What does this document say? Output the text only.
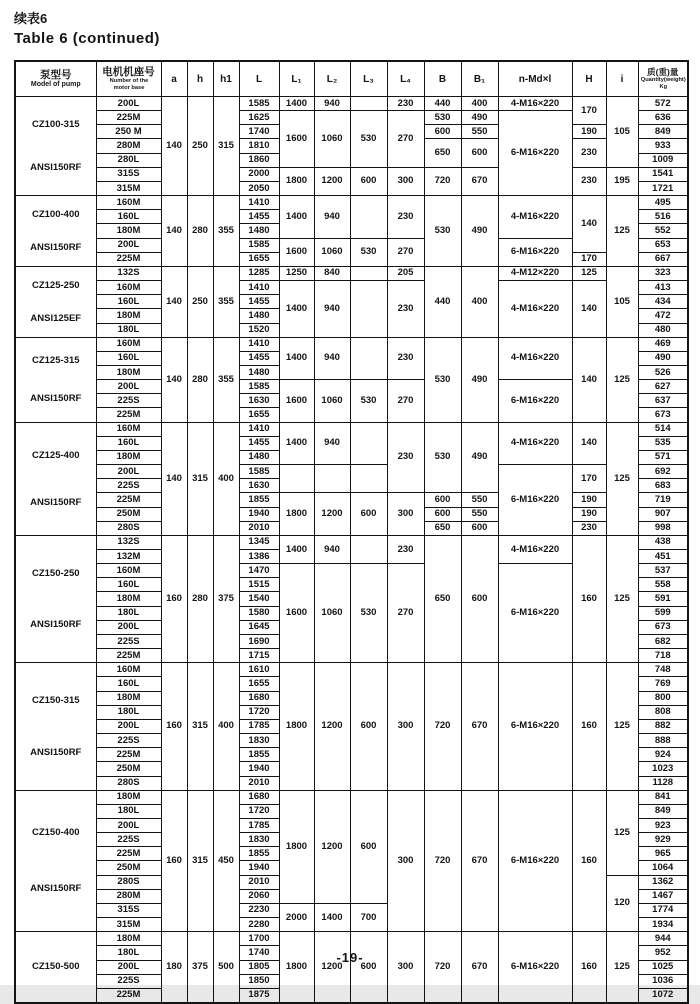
续表6
Table 6 (continued)
泵型号
Model of pump

电机机座号
Number of the
motor base
	a	h	h1	L	L₁	L₂	L₃	L₄	B	B₁	n-Md×l	H	i	
质(重)量
Quantity(weight)
Kg

CZ100-315
ANSI150RF	200L	140	250	315	1585	1400	940		230	440	400	4-M16×220	170	105	572
	225M				1625	1600	1060	530	270	530	490	6-M16×220			636
	250 M				1740					600	550		190		849
	280M				1810					650	600		230		933
	280L				1860										1009
	315S				2000	1800	1200	600	300	720	670		230	195	1541
	315M				2050										1721

CZ100-400
ANSI150RF	160M	140	280	355	1410	1400	940		230	530	490	4-M16×220	140	125	495
	160L				1455										516
	180M				1480										552
	200L				1585	1600	1060	530	270			6-M16×220			653
	225M				1655								170		667

CZ125-250
ANSI125EF	132S	140	250	355	1285	1250	840		205	440	400	4-M12×220	125	105	323
	160M				1410	1400	940		230			4-M16×220	140		413
	160L				1455										434
	180M				1480										472
	180L				1520										480

CZ125-315
ANSI150RF	160M	140	280	355	1410	1400	940		230	530	490	4-M16×220	140	125	469
	160L				1455										490
	180M				1480										526
	200L				1585	1600	1060	530	270			6-M16×220			627
	225S				1630										637
	225M				1655										673

CZ125-400
ANSI150RF	160M	140	315	400	1410	1400	940		230	530	490	4-M16×220	140	125	514
	160L				1455										535
	180M				1480										571
	200L				1585							6-M16×220	170		692
	225S				1630										683
	225M				1855	1800	1200	600	300	600	550		190		719
	250M				1940					600	550		190		907
	280S				2010					650	600		230		998

CZ150-250
ANSI150RF	132S	160	280	375	1345	1400	940		230	650	600	4-M16×220	160	125	438
	132M				1386										451
	160M				1470	1600	1060	530	270			6-M16×220			537
	160L				1515										558
	180M				1540										591
	180L				1580										599
	200L				1645										673
	225S				1690										682
	225M				1715										718

CZ150-315
ANSI150RF	160M	160	315	400	1610	1800	1200	600	300	720	670	6-M16×220	160	125	748
	160L				1655										769
	180M				1680										800
	180L				1720										808
	200L				1785										882
	225S				1830										888
	225M				1855										924
	250M				1940										1023
	280S				2010										1128

CZ150-400
ANSI150RF	180M	160	315	450	1680	1800	1200	600	300	720	670	6-M16×220	160	125	841
	180L				1720										849
	200L				1785										923
	225S				1830										929
	225M				1855										965
	250M				1940										1064
	280S				2010									120	1362
	280M				2060										1467
	315S				2230	2000	1400	700							1774
	315M				2280										1934
CZ150-500	180M	180	375	500	1700	1800	1200	600	300	720	670	6-M16×220	160	125	944
	180L				1740										952
	200L				1805										1025
	225S				1850										1036
	225M				1875										1072
-19-
